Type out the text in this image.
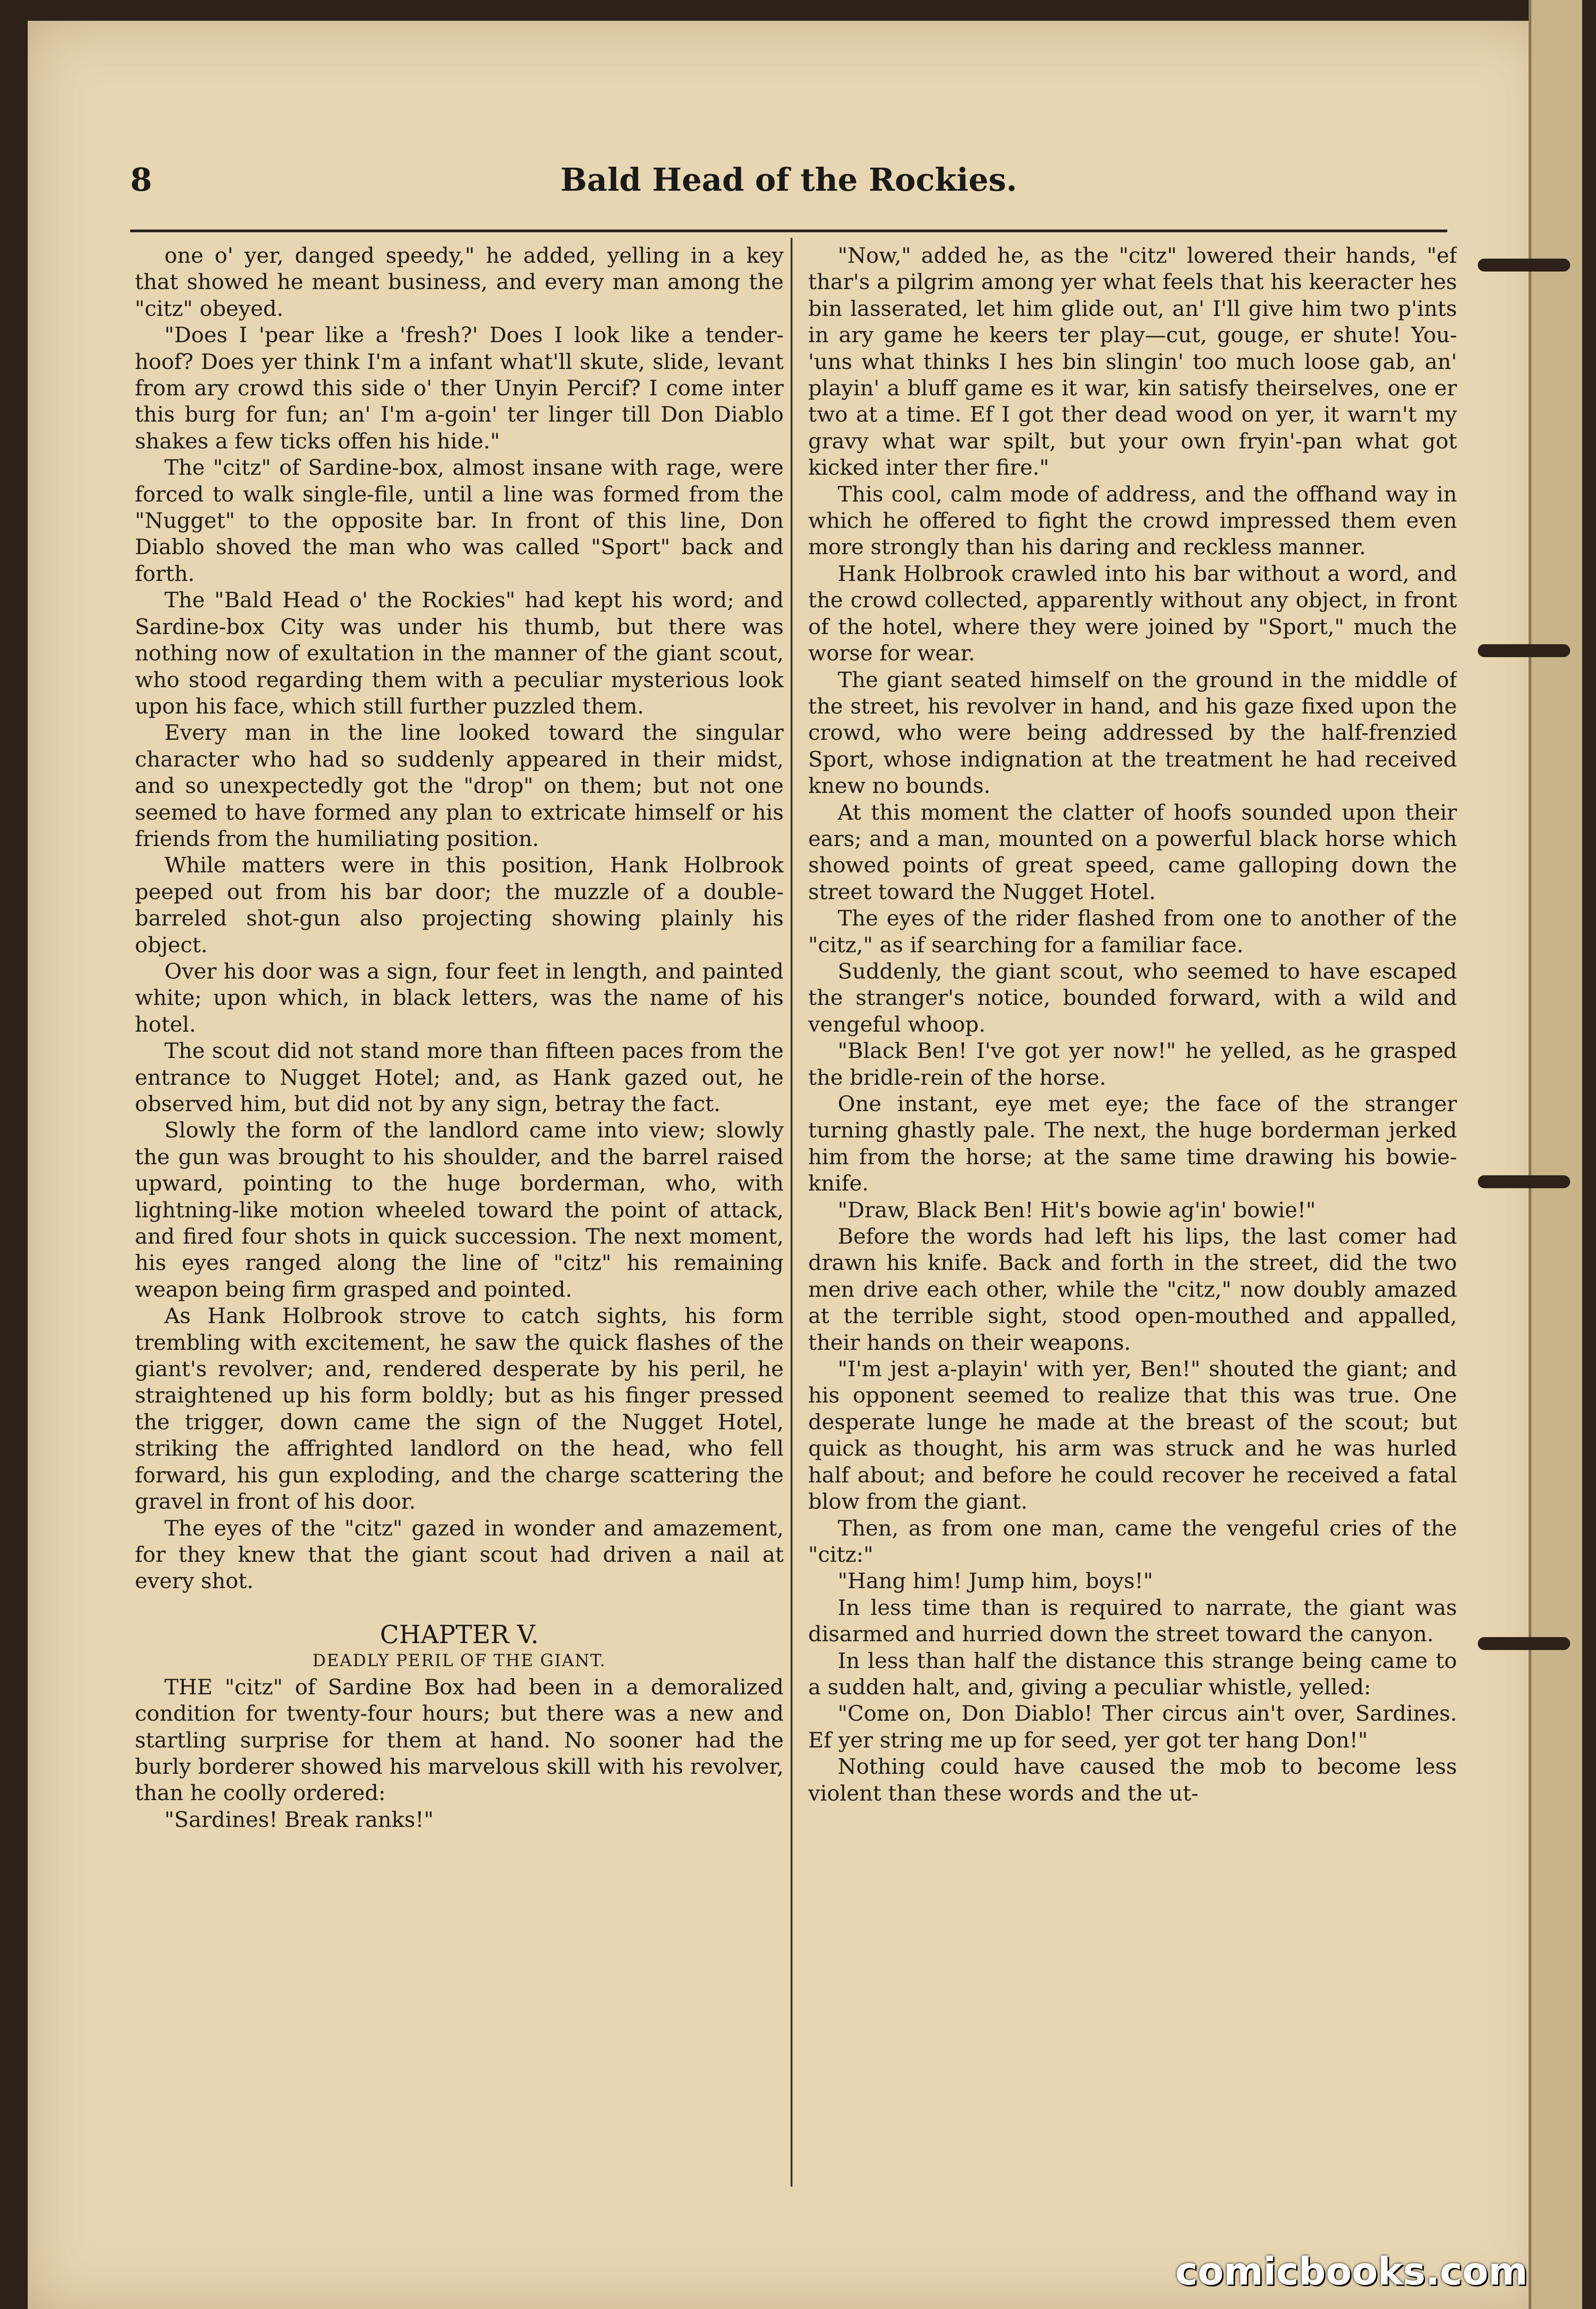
8	Bald Head of the Rockies.

one o' yer, danged speedy," he added, yelling in a key that showed he meant business, and every man among the "citz" obeyed.

"Does I 'pear like a 'fresh?' Does I look like a tender-hoof? Does yer think I'm a infant what'll skute, slide, levant from ary crowd this side o' ther Unyin Percif? I come inter this burg for fun; an' I'm a-goin' ter linger till Don Diablo shakes a few ticks offen his hide."

The "citz" of Sardine-box, almost insane with rage, were forced to walk single-file, until a line was formed from the "Nugget" to the opposite bar. In front of this line, Don Diablo shoved the man who was called "Sport" back and forth.

The "Bald Head o' the Rockies" had kept his word; and Sardine-box City was under his thumb, but there was nothing now of exultation in the manner of the giant scout, who stood regarding them with a peculiar mysterious look upon his face, which still further puzzled them.

Every man in the line looked toward the singular character who had so suddenly appeared in their midst, and so unexpectedly got the "drop" on them; but not one seemed to have formed any plan to extricate himself or his friends from the humiliating position.

While matters were in this position, Hank Holbrook peeped out from his bar door; the muzzle of a double-barreled shot-gun also projecting showing plainly his object.

Over his door was a sign, four feet in length, and painted white; upon which, in black letters, was the name of his hotel.

The scout did not stand more than fifteen paces from the entrance to Nugget Hotel; and, as Hank gazed out, he observed him, but did not by any sign, betray the fact.

Slowly the form of the landlord came into view; slowly the gun was brought to his shoulder, and the barrel raised upward, pointing to the huge borderman, who, with lightning-like motion wheeled toward the point of attack, and fired four shots in quick succession. The next moment, his eyes ranged along the line of "citz" his remaining weapon being firm grasped and pointed.

As Hank Holbrook strove to catch sights, his form trembling with excitement, he saw the quick flashes of the giant's revolver; and, rendered desperate by his peril, he straightened up his form boldly; but as his finger pressed the trigger, down came the sign of the Nugget Hotel, striking the affrighted landlord on the head, who fell forward, his gun exploding, and the charge scattering the gravel in front of his door.

The eyes of the "citz" gazed in wonder and amazement, for they knew that the giant scout had driven a nail at every shot.

CHAPTER V.
DEADLY PERIL OF THE GIANT.

THE "citz" of Sardine Box had been in a demoralized condition for twenty-four hours; but there was a new and startling surprise for them at hand. No sooner had the burly borderer showed his marvelous skill with his revolver, than he coolly ordered:

"Sardines! Break ranks!"

"Now," added he, as the "citz" lowered their hands, "ef thar's a pilgrim among yer what feels that his keeracter hes bin lasserated, let him glide out, an' I'll give him two p'ints in ary game he keers ter play—cut, gouge, er shute! You-'uns what thinks I hes bin slingin' too much loose gab, an' playin' a bluff game es it war, kin satisfy theirselves, one er two at a time. Ef I got ther dead wood on yer, it warn't my gravy what war spilt, but your own fryin'-pan what got kicked inter ther fire."

This cool, calm mode of address, and the offhand way in which he offered to fight the crowd impressed them even more strongly than his daring and reckless manner.

Hank Holbrook crawled into his bar without a word, and the crowd collected, apparently without any object, in front of the hotel, where they were joined by "Sport," much the worse for wear.

The giant seated himself on the ground in the middle of the street, his revolver in hand, and his gaze fixed upon the crowd, who were being addressed by the half-frenzied Sport, whose indignation at the treatment he had received knew no bounds.

At this moment the clatter of hoofs sounded upon their ears; and a man, mounted on a powerful black horse which showed points of great speed, came galloping down the street toward the Nugget Hotel.

The eyes of the rider flashed from one to another of the "citz," as if searching for a familiar face.

Suddenly, the giant scout, who seemed to have escaped the stranger's notice, bounded forward, with a wild and vengeful whoop.

"Black Ben! I've got yer now!" he yelled, as he grasped the bridle-rein of the horse.

One instant, eye met eye; the face of the stranger turning ghastly pale. The next, the huge borderman jerked him from the horse; at the same time drawing his bowie-knife.

"Draw, Black Ben! Hit's bowie ag'in' bowie!"

Before the words had left his lips, the last comer had drawn his knife. Back and forth in the street, did the two men drive each other, while the "citz," now doubly amazed at the terrible sight, stood open-mouthed and appalled, their hands on their weapons.

"I'm jest a-playin' with yer, Ben!" shouted the giant; and his opponent seemed to realize that this was true. One desperate lunge he made at the breast of the scout; but quick as thought, his arm was struck and he was hurled half about; and before he could recover he received a fatal blow from the giant.

Then, as from one man, came the vengeful cries of the "citz:"

"Hang him! Jump him, boys!"

In less time than is required to narrate, the giant was disarmed and hurried down the street toward the canyon.

In less than half the distance this strange being came to a sudden halt, and, giving a peculiar whistle, yelled:

"Come on, Don Diablo! Ther circus ain't over, Sardines. Ef yer string me up for seed, yer got ter hang Don!"

Nothing could have caused the mob to become less violent than these words and the ut-

comicbooks.com
